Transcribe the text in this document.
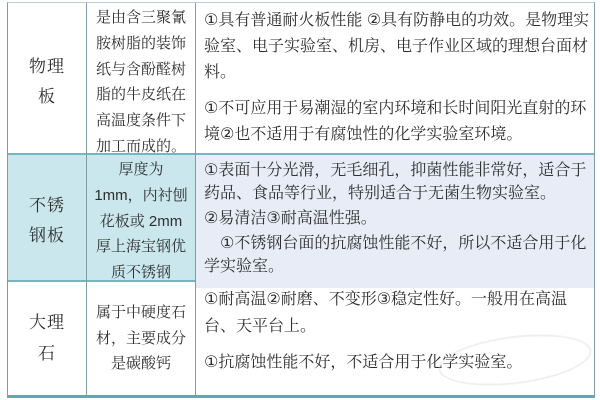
物理板
是由含三聚氰胺树脂的装饰纸与含酚醛树脂的牛皮纸在高温度条件下加工而成的。
①具有普通耐火板性能 ②具有防静电的功效。是物理实验室、电子实验室、机房、电子作业区域的理想台面材料。
①不可应用于易潮湿的室内环境和长时间阳光直射的环境②也不适用于有腐蚀性的化学实验室环境。
不锈钢板
厚度为 1mm，内衬刨花板或 2mm 厚上海宝钢优质不锈钢
①表面十分光滑，无毛细孔，抑菌性能非常好，适合于药品、食品等行业，特别适合于无菌生物实验室。
②易清洁③耐高温性强。
　①不锈钢台面的抗腐蚀性能不好，所以不适合用于化学实验室。
大理石
属于中硬度石材，主要成分是碳酸钙
①耐高温②耐磨、不变形③稳定性好。一般用在高温台、天平台上。
①抗腐蚀性能不好，不适合用于化学实验室。
